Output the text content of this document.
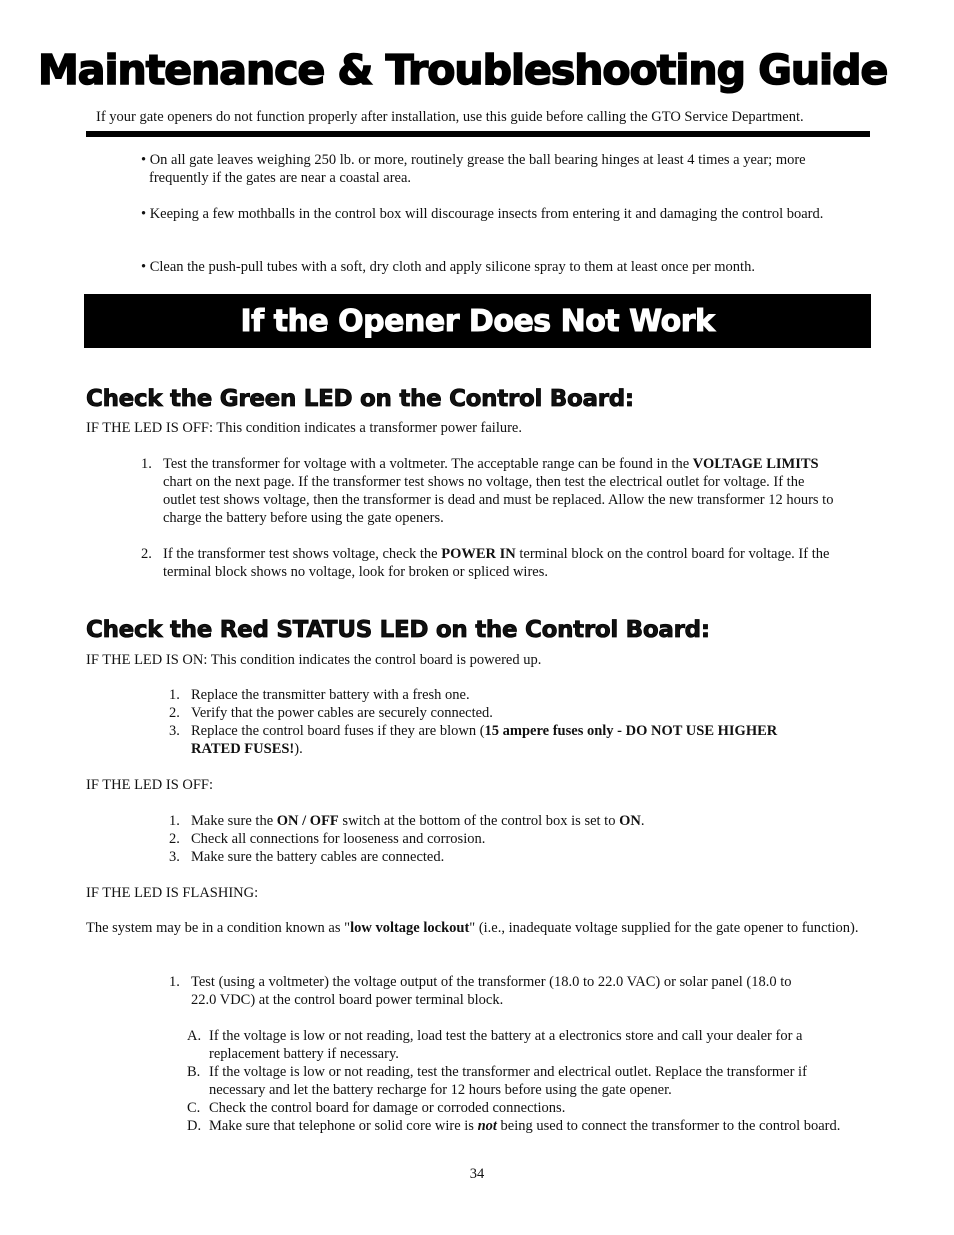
Maintenance & Troubleshooting Guide
If your gate openers do not function properly after installation, use this guide before calling the GTO Service Department.
• On all gate leaves weighing 250 lb. or more, routinely grease the ball bearing hinges at least 4 times a year; more frequently if the gates are near a coastal area.
• Keeping a few mothballs in the control box will discourage insects from entering it and damaging the control board.
• Clean the push-pull tubes with a soft, dry cloth and apply silicone spray to them at least once per month.
If the Opener Does Not Work
Check the Green LED on the Control Board:
IF THE LED IS OFF: This condition indicates a transformer power failure.
1. Test the transformer for voltage with a voltmeter. The acceptable range can be found in the VOLTAGE LIMITS chart on the next page. If the transformer test shows no voltage, then test the electrical outlet for voltage. If the outlet test shows voltage, then the transformer is dead and must be replaced. Allow the new transformer 12 hours to charge the battery before using the gate openers.
2. If the transformer test shows voltage, check the POWER IN terminal block on the control board for voltage. If the terminal block shows no voltage, look for broken or spliced wires.
Check the Red STATUS LED on the Control Board:
IF THE LED IS ON: This condition indicates the control board is powered up.
1. Replace the transmitter battery with a fresh one.
2. Verify that the power cables are securely connected.
3. Replace the control board fuses if they are blown (15 ampere fuses only - DO NOT USE HIGHER RATED FUSES!).
IF THE LED IS OFF:
1. Make sure the ON / OFF switch at the bottom of the control box is set to ON.
2. Check all connections for looseness and corrosion.
3. Make sure the battery cables are connected.
IF THE LED IS FLASHING:
The system may be in a condition known as "low voltage lockout" (i.e., inadequate voltage supplied for the gate opener to function).
1. Test (using a voltmeter) the voltage output of the transformer (18.0 to 22.0 VAC) or solar panel (18.0 to 22.0 VDC) at the control board power terminal block.
A. If the voltage is low or not reading, load test the battery at a electronics store and call your dealer for a replacement battery if necessary.
B. If the voltage is low or not reading, test the transformer and electrical outlet. Replace the transformer if necessary and let the battery recharge for 12 hours before using the gate opener.
C. Check the control board for damage or corroded connections.
D. Make sure that telephone or solid core wire is not being used to connect the transformer to the control board.
34
